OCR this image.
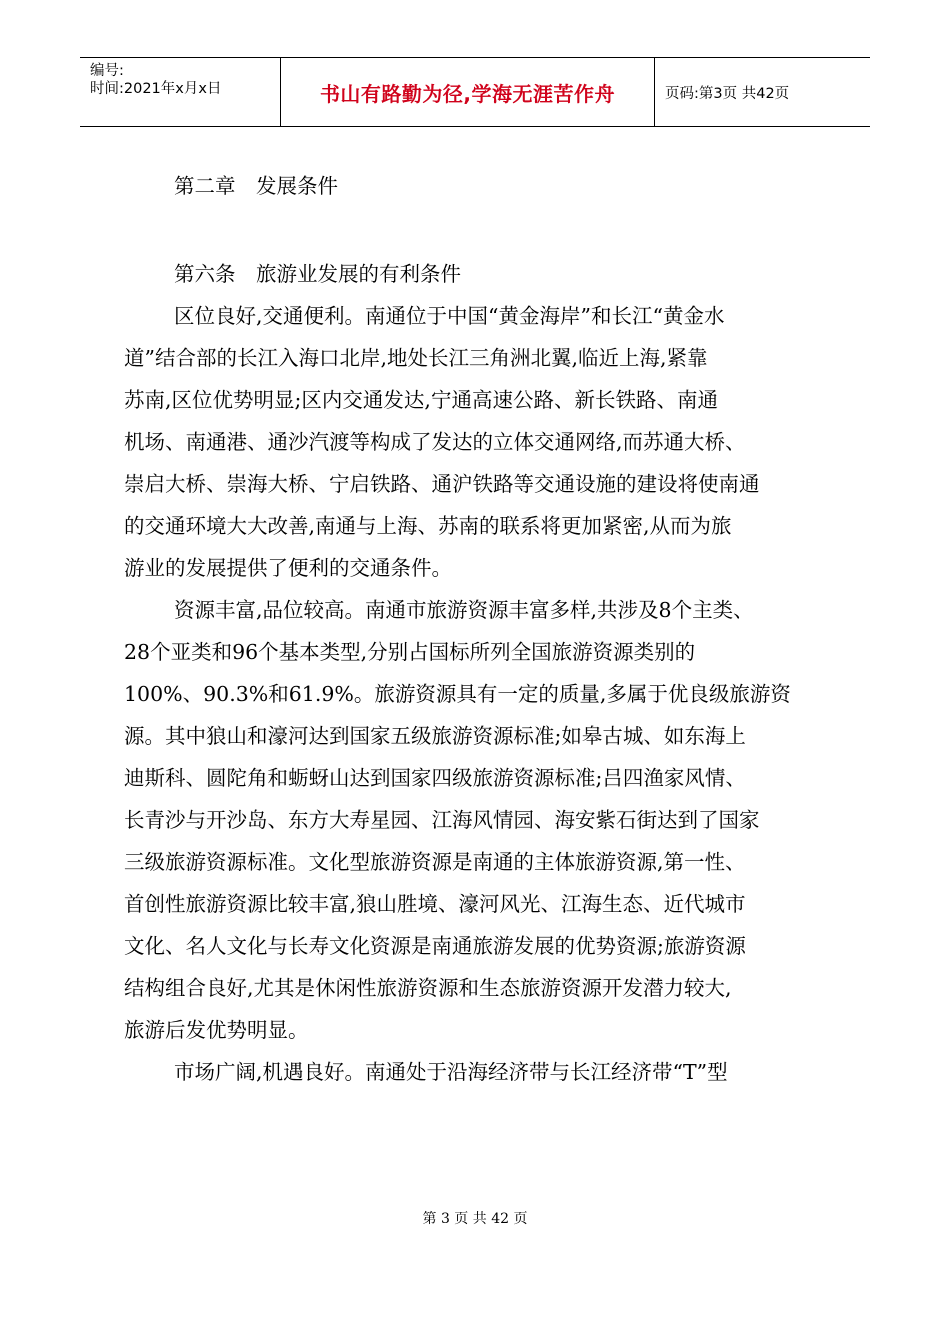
编号:
时间:2021年x月x日	书山有路勤为径,学海无涯苦作舟	页码:第3页 共42页
第二章　发展条件
第六条　旅游业发展的有利条件
区位良好,交通便利。南通位于中国“黄金海岸”和长江“黄金水
道”结合部的长江入海口北岸,地处长江三角洲北翼,临近上海,紧靠
苏南,区位优势明显;区内交通发达,宁通高速公路、新长铁路、南通
机场、南通港、通沙汽渡等构成了发达的立体交通网络,而苏通大桥、
崇启大桥、崇海大桥、宁启铁路、通沪铁路等交通设施的建设将使南通
的交通环境大大改善,南通与上海、苏南的联系将更加紧密,从而为旅
游业的发展提供了便利的交通条件。
资源丰富,品位较高。南通市旅游资源丰富多样,共涉及8个主类、
28个亚类和96个基本类型,分别占国标所列全国旅游资源类别的
100%、90.3%和61.9%。旅游资源具有一定的质量,多属于优良级旅游资
源。其中狼山和濠河达到国家五级旅游资源标准;如皋古城、如东海上
迪斯科、圆陀角和蛎蚜山达到国家四级旅游资源标准;吕四渔家风情、
长青沙与开沙岛、东方大寿星园、江海风情园、海安紫石街达到了国家
三级旅游资源标准。文化型旅游资源是南通的主体旅游资源,第一性、
首创性旅游资源比较丰富,狼山胜境、濠河风光、江海生态、近代城市
文化、名人文化与长寿文化资源是南通旅游发展的优势资源;旅游资源
结构组合良好,尤其是休闲性旅游资源和生态旅游资源开发潜力较大,
旅游后发优势明显。
市场广阔,机遇良好。南通处于沿海经济带与长江经济带“T”型
第 3 页 共 42 页
